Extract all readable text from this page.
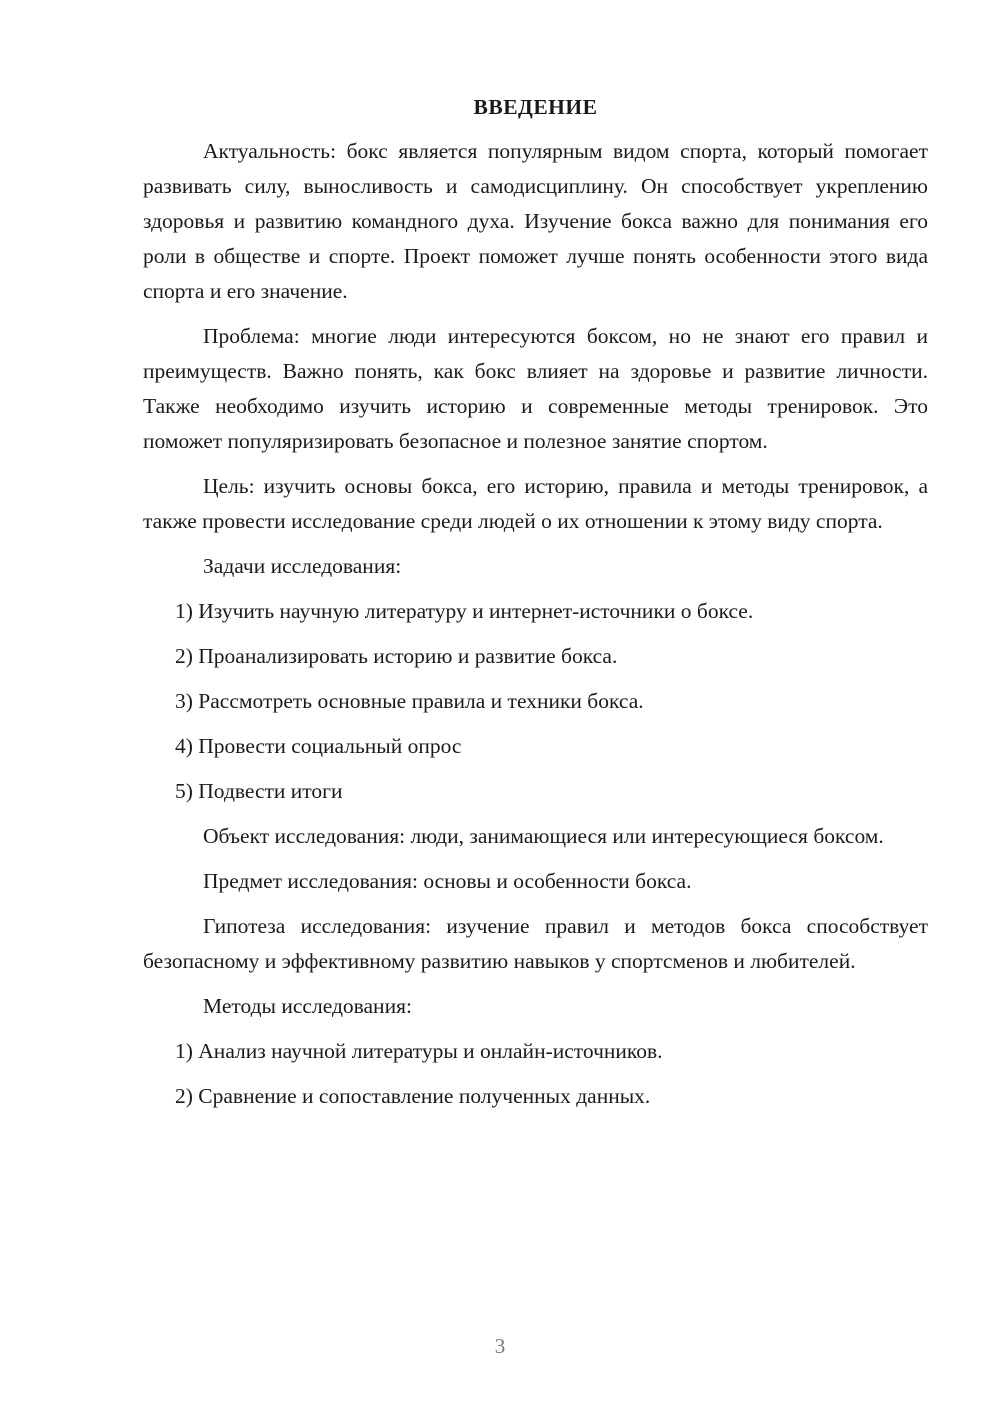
ВВЕДЕНИЕ

Актуальность: бокс является популярным видом спорта, который помогает развивать силу, выносливость и самодисциплину. Он способствует укреплению здоровья и развитию командного духа. Изучение бокса важно для понимания его роли в обществе и спорте. Проект поможет лучше понять особенности этого вида спорта и его значение.

Проблема: многие люди интересуются боксом, но не знают его правил и преимуществ. Важно понять, как бокс влияет на здоровье и развитие личности. Также необходимо изучить историю и современные методы тренировок. Это поможет популяризировать безопасное и полезное занятие спортом.

Цель: изучить основы бокса, его историю, правила и методы тренировок, а также провести исследование среди людей о их отношении к этому виду спорта.

Задачи исследования:

1) Изучить научную литературу и интернет-источники о боксе.

2) Проанализировать историю и развитие бокса.

3) Рассмотреть основные правила и техники бокса.

4) Провести социальный опрос

5) Подвести итоги

Объект исследования: люди, занимающиеся или интересующиеся боксом.

Предмет исследования: основы и особенности бокса.

Гипотеза исследования: изучение правил и методов бокса способствует безопасному и эффективному развитию навыков у спортсменов и любителей.

Методы исследования:

1) Анализ научной литературы и онлайн-источников.

2) Сравнение и сопоставление полученных данных.

3
